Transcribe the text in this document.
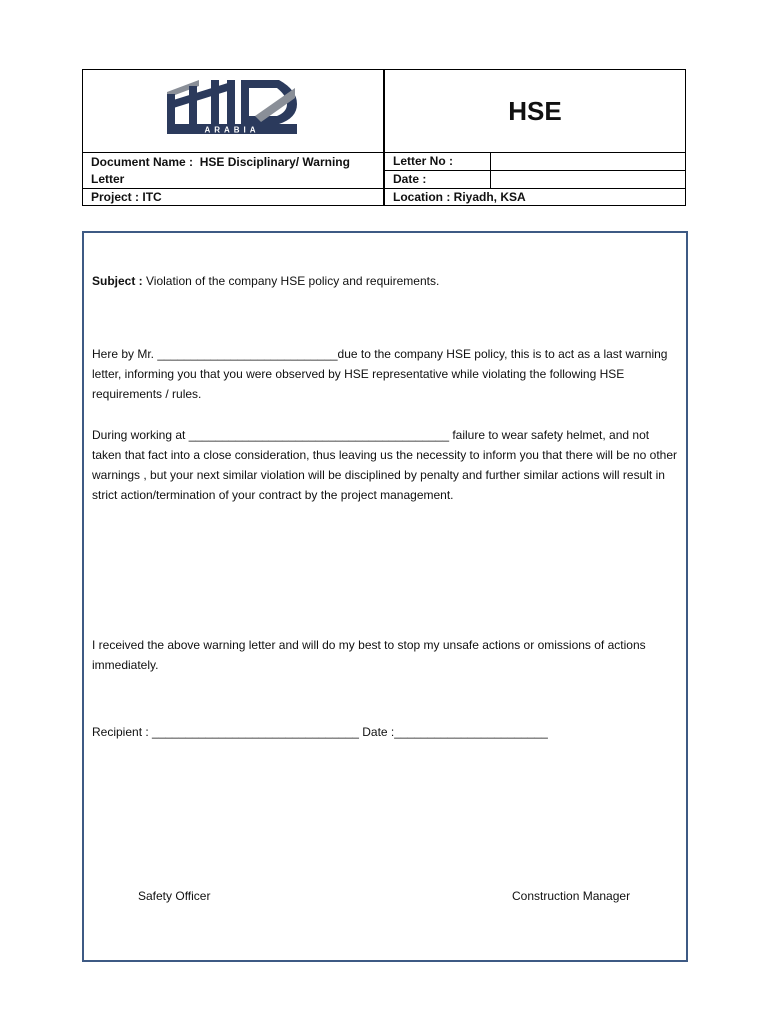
ARABIA
HSE
Document Name : HSE Disciplinary/ Warning Letter
Letter No :
Date :
Project : ITC	Location : Riyadh, KSA

Subject : Violation of the company HSE policy and requirements.

Here by Mr. ___________________________due to the company HSE policy, this is to act as a last warning letter, informing you that you were observed by HSE representative while violating the following HSE requirements / rules.

During working at _______________________________________ failure to wear safety helmet, and not taken that fact into a close consideration, thus leaving us the necessity to inform you that there will be no other warnings , but your next similar violation will be disciplined by penalty and further similar actions will result in strict action/termination of your contract by the project management.

I received the above warning letter and will do my best to stop my unsafe actions or omissions of actions immediately.

Recipient : _______________________________ Date :_______________________

Safety Officer	Construction Manager
